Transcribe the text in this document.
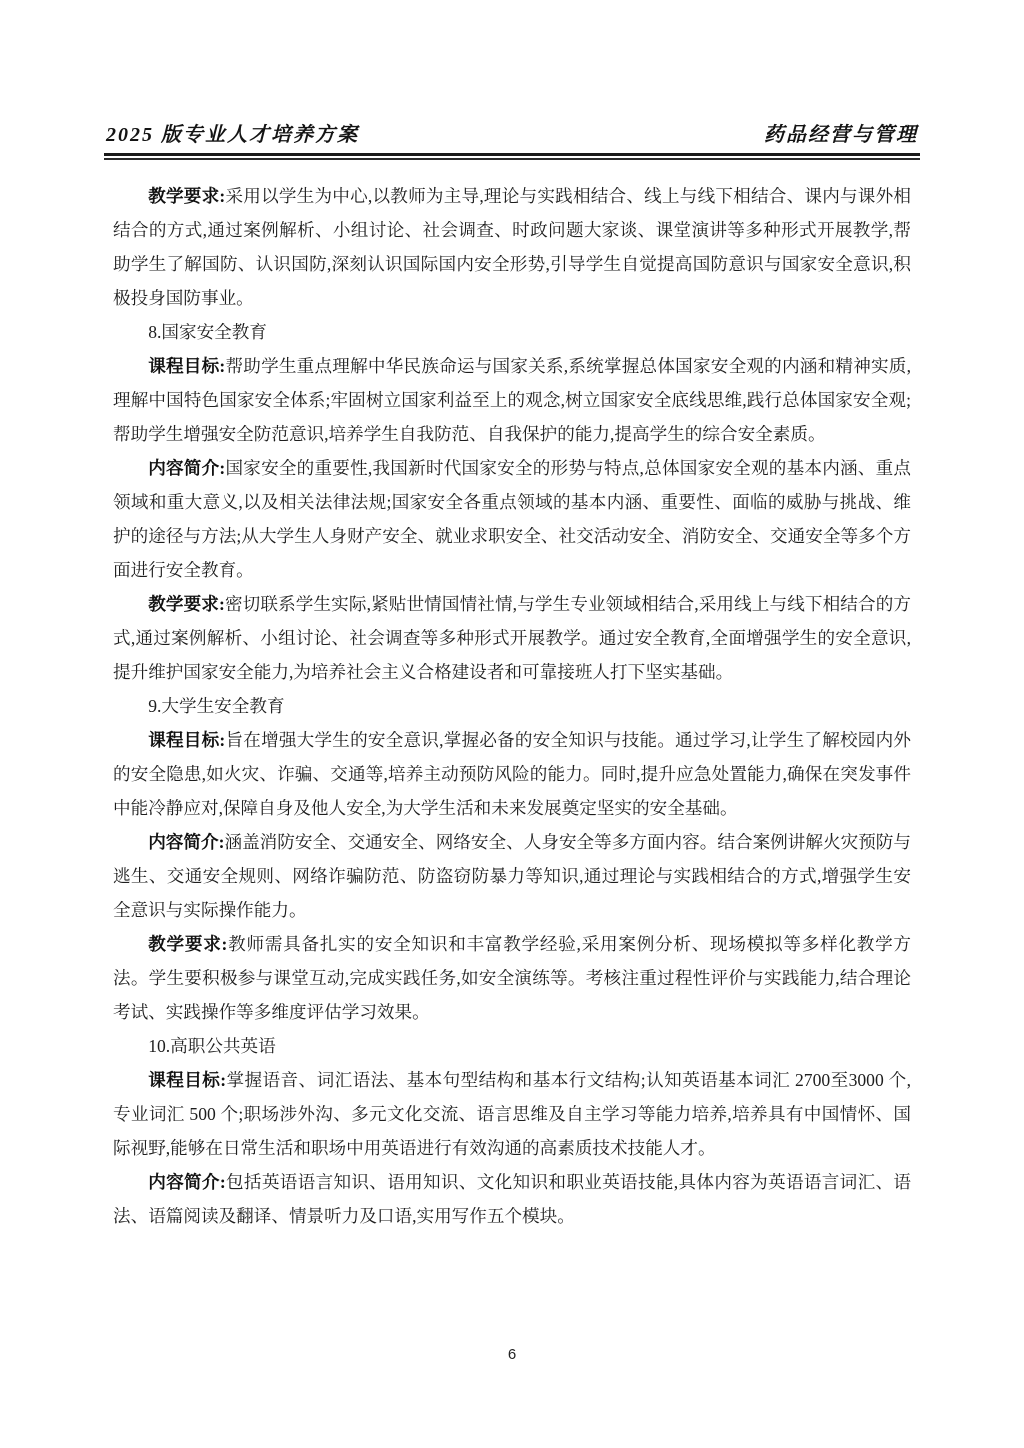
2025 版专业人才培养方案	药品经营与管理

教学要求:采用以学生为中心,以教师为主导,理论与实践相结合、线上与线下相结合、课内与课外相结合的方式,通过案例解析、小组讨论、社会调查、时政问题大家谈、课堂演讲等多种形式开展教学,帮助学生了解国防、认识国防,深刻认识国际国内安全形势,引导学生自觉提高国防意识与国家安全意识,积极投身国防事业。

8.国家安全教育

课程目标:帮助学生重点理解中华民族命运与国家关系,系统掌握总体国家安全观的内涵和精神实质,理解中国特色国家安全体系;牢固树立国家利益至上的观念,树立国家安全底线思维,践行总体国家安全观;帮助学生增强安全防范意识,培养学生自我防范、自我保护的能力,提高学生的综合安全素质。

内容简介:国家安全的重要性,我国新时代国家安全的形势与特点,总体国家安全观的基本内涵、重点领域和重大意义,以及相关法律法规;国家安全各重点领域的基本内涵、重要性、面临的威胁与挑战、维护的途径与方法;从大学生人身财产安全、就业求职安全、社交活动安全、消防安全、交通安全等多个方面进行安全教育。

教学要求:密切联系学生实际,紧贴世情国情社情,与学生专业领域相结合,采用线上与线下相结合的方式,通过案例解析、小组讨论、社会调查等多种形式开展教学。通过安全教育,全面增强学生的安全意识,提升维护国家安全能力,为培养社会主义合格建设者和可靠接班人打下坚实基础。

9.大学生安全教育

课程目标:旨在增强大学生的安全意识,掌握必备的安全知识与技能。通过学习,让学生了解校园内外的安全隐患,如火灾、诈骗、交通等,培养主动预防风险的能力。同时,提升应急处置能力,确保在突发事件中能冷静应对,保障自身及他人安全,为大学生活和未来发展奠定坚实的安全基础。

内容简介:涵盖消防安全、交通安全、网络安全、人身安全等多方面内容。结合案例讲解火灾预防与逃生、交通安全规则、网络诈骗防范、防盗窃防暴力等知识,通过理论与实践相结合的方式,增强学生安全意识与实际操作能力。

教学要求:教师需具备扎实的安全知识和丰富教学经验,采用案例分析、现场模拟等多样化教学方法。学生要积极参与课堂互动,完成实践任务,如安全演练等。考核注重过程性评价与实践能力,结合理论考试、实践操作等多维度评估学习效果。

10.高职公共英语

课程目标:掌握语音、词汇语法、基本句型结构和基本行文结构;认知英语基本词汇 2700至3000 个,专业词汇 500 个;职场涉外沟、多元文化交流、语言思维及自主学习等能力培养,培养具有中国情怀、国际视野,能够在日常生活和职场中用英语进行有效沟通的高素质技术技能人才。

内容简介:包括英语语言知识、语用知识、文化知识和职业英语技能,具体内容为英语语言词汇、语法、语篇阅读及翻译、情景听力及口语,实用写作五个模块。

6
